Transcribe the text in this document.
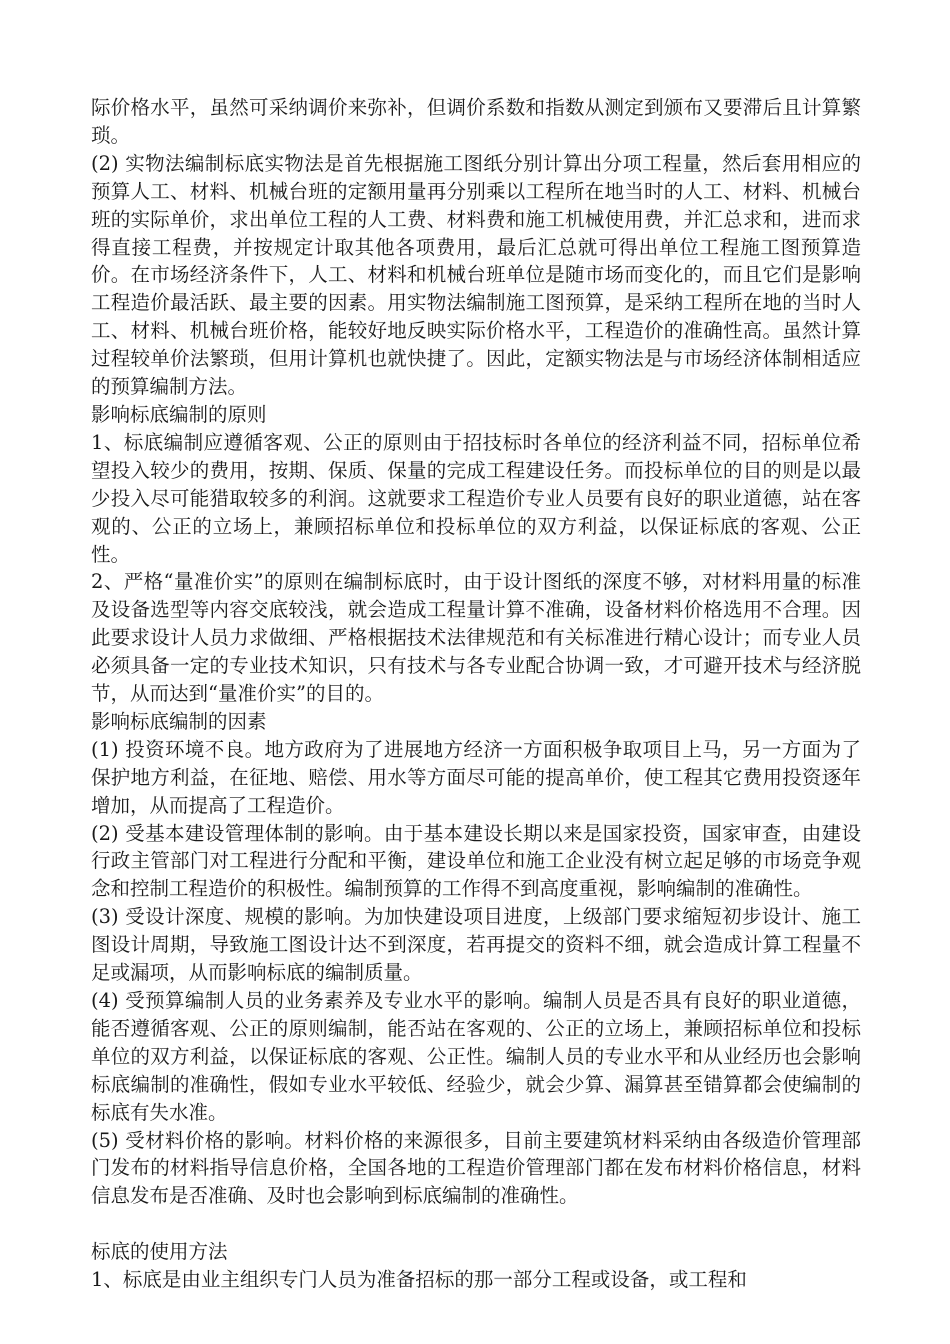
际价格水平，虽然可采纳调价来弥补，但调价系数和指数从测定到颁布又要滞后且计算繁琐。

(2) 实物法编制标底实物法是首先根据施工图纸分别计算出分项工程量，然后套用相应的预算人工、材料、机械台班的定额用量再分别乘以工程所在地当时的人工、材料、机械台班的实际单价，求出单位工程的人工费、材料费和施工机械使用费，并汇总求和，进而求得直接工程费，并按规定计取其他各项费用，最后汇总就可得出单位工程施工图预算造价。在市场经济条件下，人工、材料和机械台班单位是随市场而变化的，而且它们是影响工程造价最活跃、最主要的因素。用实物法编制施工图预算，是采纳工程所在地的当时人工、材料、机械台班价格，能较好地反映实际价格水平，工程造价的准确性高。虽然计算过程较单价法繁琐，但用计算机也就快捷了。因此，定额实物法是与市场经济体制相适应的预算编制方法。

影响标底编制的原则

1、标底编制应遵循客观、公正的原则由于招技标时各单位的经济利益不同，招标单位希望投入较少的费用，按期、保质、保量的完成工程建设任务。而投标单位的目的则是以最少投入尽可能猎取较多的利润。这就要求工程造价专业人员要有良好的职业道德，站在客观的、公正的立场上，兼顾招标单位和投标单位的双方利益，以保证标底的客观、公正性。

2、严格“量准价实”的原则在编制标底时，由于设计图纸的深度不够，对材料用量的标准及设备选型等内容交底较浅，就会造成工程量计算不准确，设备材料价格选用不合理。因此要求设计人员力求做细、严格根据技术法律规范和有关标准进行精心设计；而专业人员必须具备一定的专业技术知识，只有技术与各专业配合协调一致，才可避开技术与经济脱节，从而达到“量准价实”的目的。

影响标底编制的因素

(1) 投资环境不良。地方政府为了进展地方经济一方面积极争取项目上马，另一方面为了保护地方利益，在征地、赔偿、用水等方面尽可能的提高单价，使工程其它费用投资逐年增加，从而提高了工程造价。

(2) 受基本建设管理体制的影响。由于基本建设长期以来是国家投资，国家审查，由建设行政主管部门对工程进行分配和平衡，建设单位和施工企业没有树立起足够的市场竞争观念和控制工程造价的积极性。编制预算的工作得不到高度重视，影响编制的准确性。

(3) 受设计深度、规模的影响。为加快建设项目进度，上级部门要求缩短初步设计、施工图设计周期，导致施工图设计达不到深度，若再提交的资料不细，就会造成计算工程量不足或漏项，从而影响标底的编制质量。

(4) 受预算编制人员的业务素养及专业水平的影响。编制人员是否具有良好的职业道德，能否遵循客观、公正的原则编制，能否站在客观的、公正的立场上，兼顾招标单位和投标单位的双方利益，以保证标底的客观、公正性。编制人员的专业水平和从业经历也会影响标底编制的准确性，假如专业水平较低、经验少，就会少算、漏算甚至错算都会使编制的标底有失水准。

(5) 受材料价格的影响。材料价格的来源很多，目前主要建筑材料采纳由各级造价管理部门发布的材料指导信息价格，全国各地的工程造价管理部门都在发布材料价格信息，材料信息发布是否准确、及时也会影响到标底编制的准确性。

标底的使用方法

1、标底是由业主组织专门人员为准备招标的那一部分工程或设备，或工程和
